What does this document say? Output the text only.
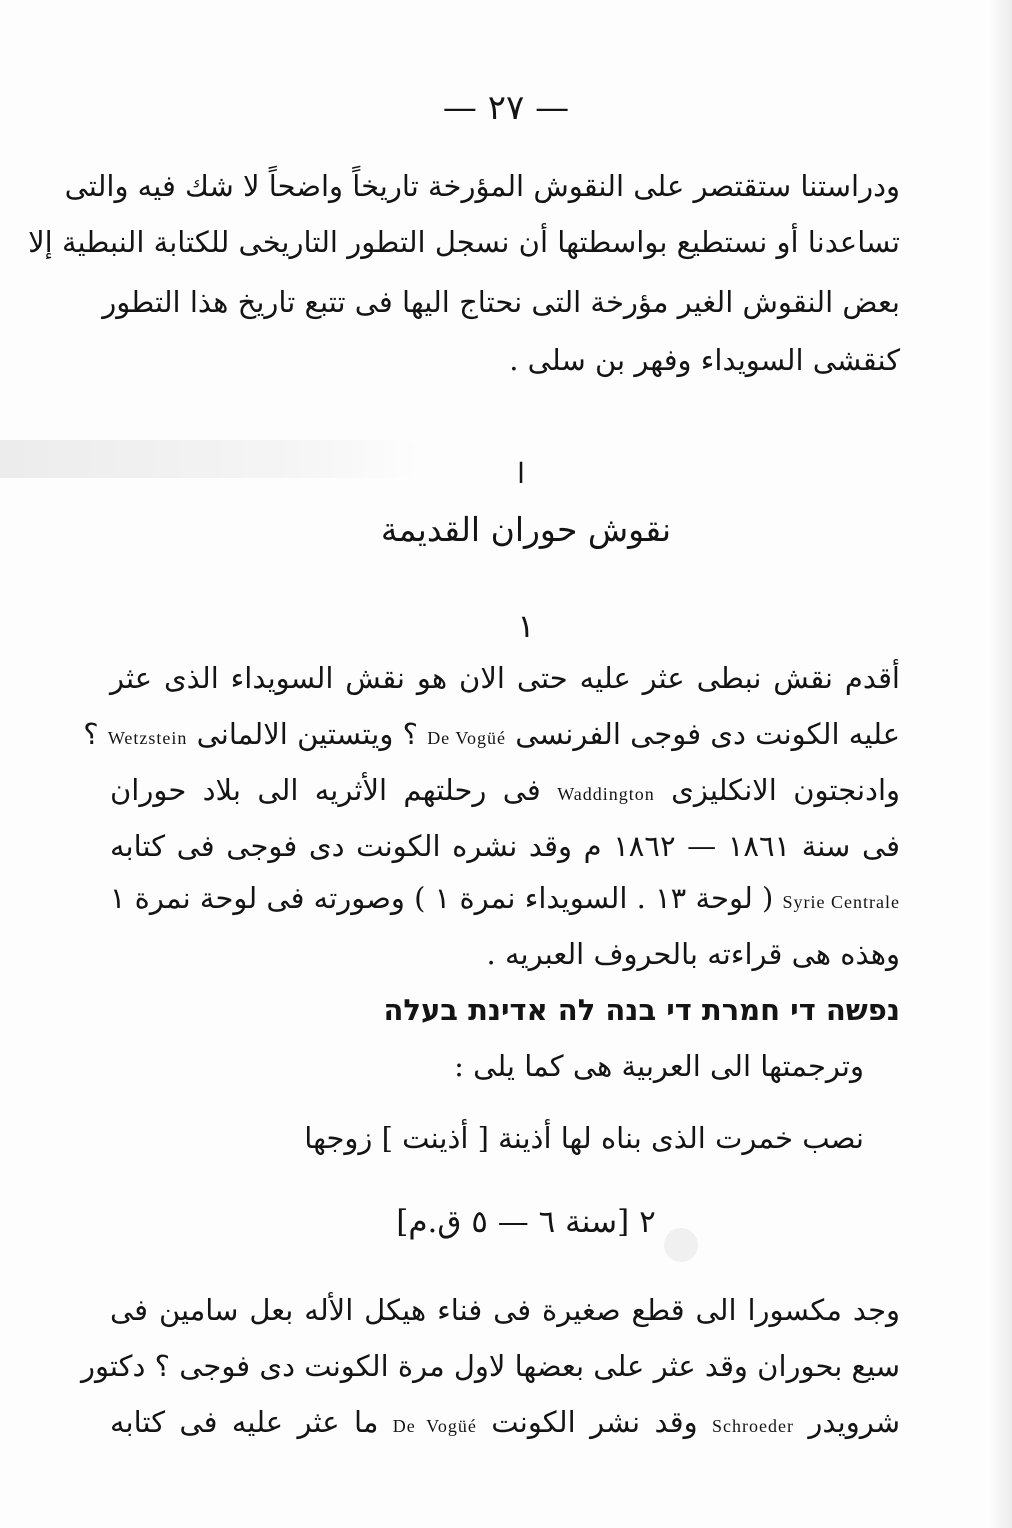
— ٢٧ —
ودراستنا ستقتصر على النقوش المؤرخة تاريخاً واضحاً لا شك فيه والتى
تساعدنا أو نستطيع بواسطتها أن نسجل التطور التاريخى للكتابة النبطية إلا
بعض النقوش الغير مؤرخة التى نحتاج اليها فى تتبع تاريخ هذا التطور
كنقشى السويداء وفهر بن سلى .
ا
نقوش حوران القديمة
١
أقدم نقش نبطى عثر عليه حتى الان هو نقش السويداء الذى عثر
عليه الكونت دى فوجى الفرنسى De Vogüé ؟ ويتستين الالمانى Wetzstein ؟
وادنجتون الانكليزى Waddington فى رحلتهم الأثريه الى بلاد حوران
فى سنة ١٨٦١ — ١٨٦٢ م وقد نشره الكونت دى فوجى فى كتابه
Syrie Centrale ( لوحة ١٣ . السويداء نمرة ١ ) وصورته فى لوحة نمرة ١
وهذه هى قراءته بالحروف العبريه .
נפשה די חמרת די בנה לה אדינת בעלה
وترجمتها الى العربية هى كما يلى :
نصب خمرت الذى بناه لها أذينة [ أذينت ] زوجها
٢ [سنة ٦ — ٥ ق.م]
وجد مكسورا الى قطع صغيرة فى فناء هيكل الأله بعل سامين فى
سيع بحوران وقد عثر على بعضها لاول مرة الكونت دى فوجى ؟ دكتور
شرويدر Schroeder وقد نشر الكونت De Vogüé ما عثر عليه فى كتابه
